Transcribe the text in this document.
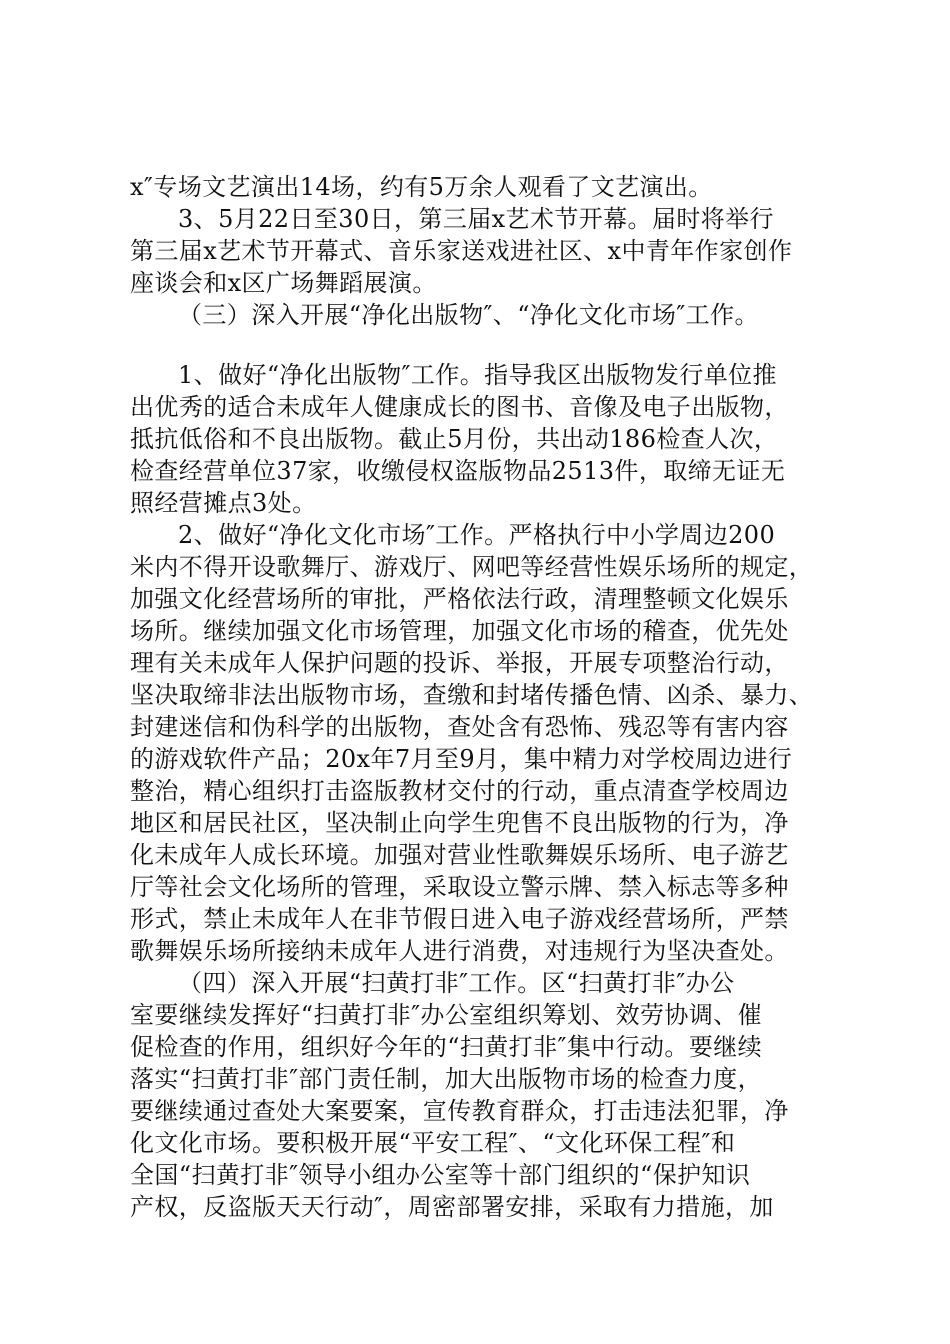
x″专场文艺演出14场，约有5万余人观看了文艺演出。
3、5月22日至30日，第三届x艺术节开幕。届时将举行
第三届x艺术节开幕式、音乐家送戏进社区、x中青年作家创作
座谈会和x区广场舞蹈展演。
（三）深入开展“净化出版物″、“净化文化市场″工作。
1、做好“净化出版物″工作。指导我区出版物发行单位推
出优秀的适合未成年人健康成长的图书、音像及电子出版物，
抵抗低俗和不良出版物。截止5月份，共出动186检查人次，
检查经营单位37家，收缴侵权盗版物品2513件，取缔无证无
照经营摊点3处。
2、做好“净化文化市场″工作。严格执行中小学周边200
米内不得开设歌舞厅、游戏厅、网吧等经营性娱乐场所的规定，
加强文化经营场所的审批，严格依法行政，清理整顿文化娱乐
场所。继续加强文化市场管理，加强文化市场的稽查，优先处
理有关未成年人保护问题的投诉、举报，开展专项整治行动，
坚决取缔非法出版物市场，查缴和封堵传播色情、凶杀、暴力、
封建迷信和伪科学的出版物，查处含有恐怖、残忍等有害内容
的游戏软件产品；20x年7月至9月，集中精力对学校周边进行
整治，精心组织打击盗版教材交付的行动，重点清查学校周边
地区和居民社区，坚决制止向学生兜售不良出版物的行为，净
化未成年人成长环境。加强对营业性歌舞娱乐场所、电子游艺
厅等社会文化场所的管理，采取设立警示牌、禁入标志等多种
形式，禁止未成年人在非节假日进入电子游戏经营场所，严禁
歌舞娱乐场所接纳未成年人进行消费，对违规行为坚决查处。
（四）深入开展“扫黄打非″工作。区“扫黄打非″办公
室要继续发挥好“扫黄打非″办公室组织筹划、效劳协调、催
促检查的作用，组织好今年的“扫黄打非″集中行动。要继续
落实“扫黄打非″部门责任制，加大出版物市场的检查力度，
要继续通过查处大案要案，宣传教育群众，打击违法犯罪，净
化文化市场。要积极开展“平安工程″、“文化环保工程″和
全国“扫黄打非″领导小组办公室等十部门组织的“保护知识
产权，反盗版天天行动″，周密部署安排，采取有力措施，加
